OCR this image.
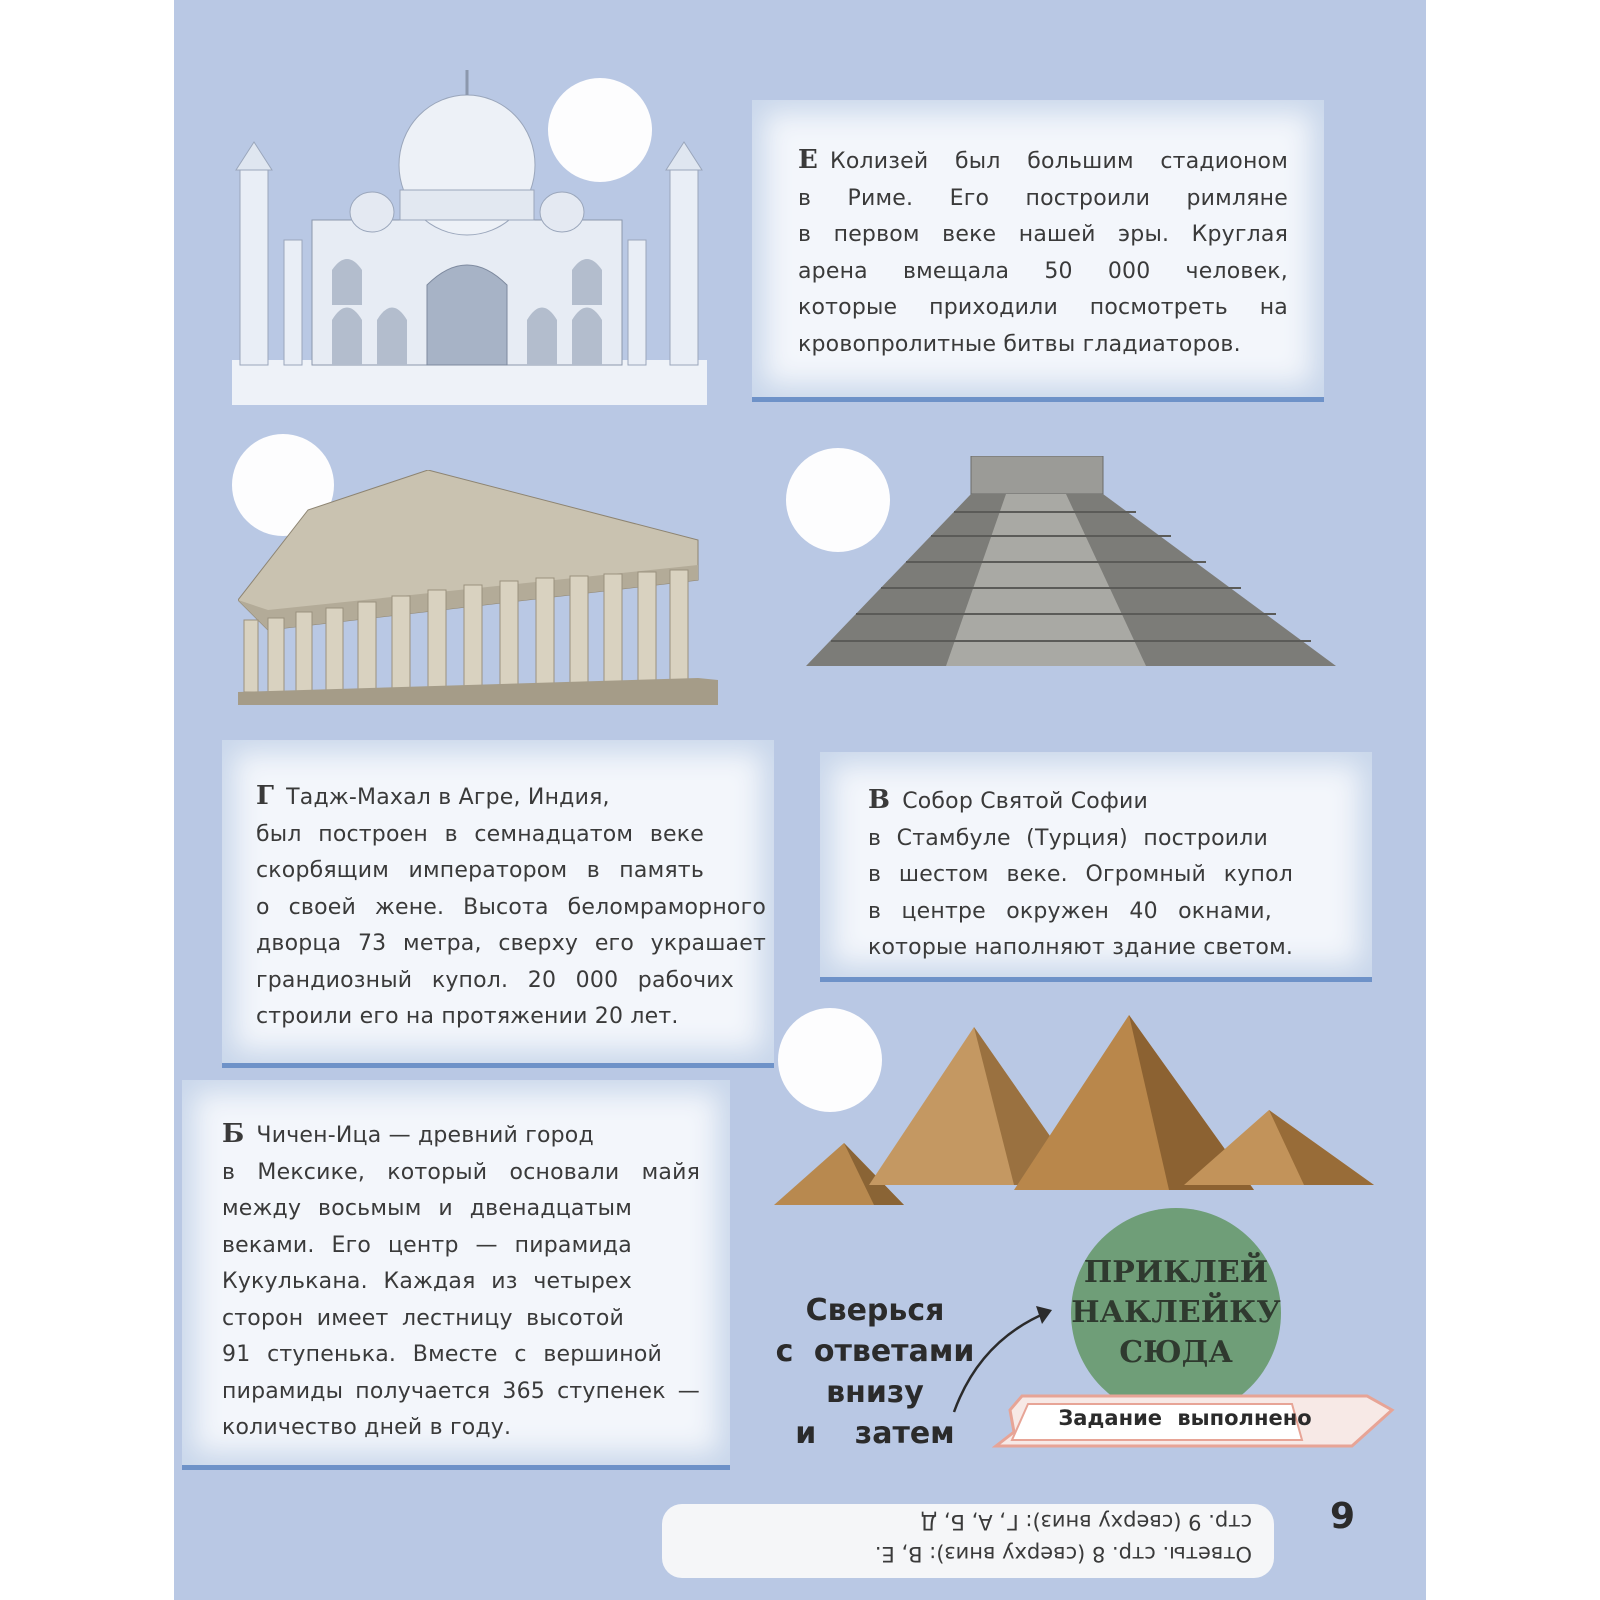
Е Колизей был большим стадионом

в Риме. Его построили римляне

в первом веке нашей эры. Круглая

арена вмещала 50 000 человек,

которые приходили посмотреть на

кровопролитные битвы гладиаторов.

Г Тадж-Махал в Агре, Индия,

был построен в семнадцатом веке

скорбящим императором в память

о своей жене. Высота беломраморного

дворца 73 метра, сверху его украшает

грандиозный купол. 20 000 рабочих

строили его на протяжении 20 лет.

В Собор Святой Софии

в Стамбуле (Турция) построили

в шестом веке. Огромный купол

в центре окружен 40 окнами,

которые наполняют здание светом.

Б Чичен-Ица — древний город

в Мексике, который основали майя

между восьмым и двенадцатым

веками. Его центр — пирамида

Кукулькана. Каждая из четырех

сторон имеет лестницу высотой

91 ступенька. Вместе с вершиной

пирамиды получается 365 ступенек —

количество дней в году.

ПРИКЛЕЙ
НАКЛЕЙКУ
СЮДА
Сверься
с ответами
внизу
и затем	Задание выполнено
Ответы. стр. 8 (сверху вниз): В, Е.
стр. 9 (сверху вниз): Г, А, Б, Д 9
